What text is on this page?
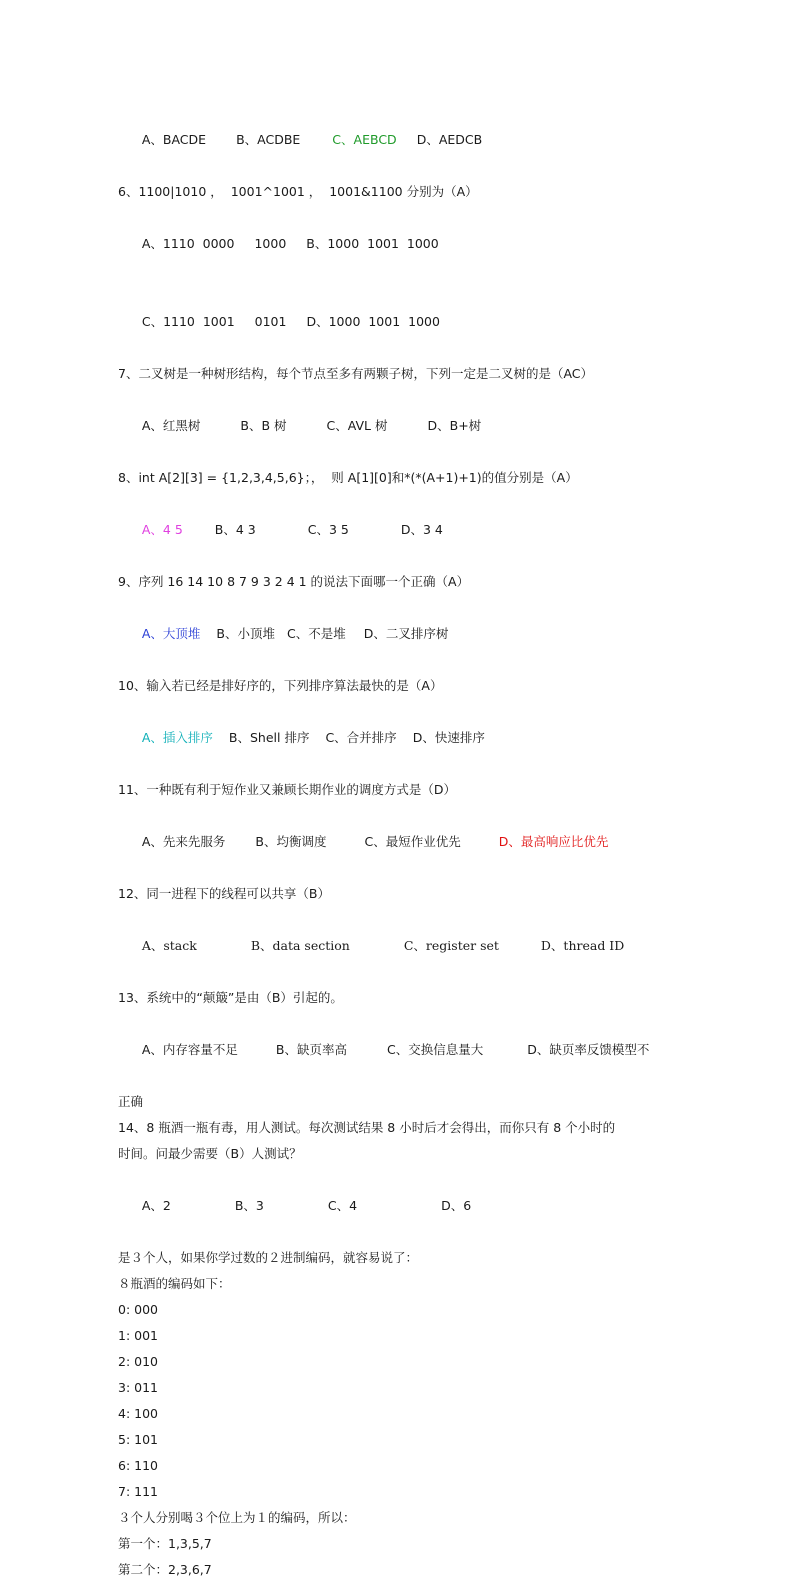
A、BACDE B、ACDBE	C、AEBCD D、AEDCB

6、1100|1010 ，  1001^1001 ，  1001&1100 分别为（A）

A、1110  0000 1000 B、1000  1001  1000

C、1110  1001 0101 D、1000  1001  1000

7、二叉树是一种树形结构，每个节点至多有两颗子树，下列一定是二叉树的是（AC）

A、红黑树	B、B 树	C、AVL 树	D、B+树

8、int A[2][3] = {1,2,3,4,5,6}；，  则 A[1][0]和*(*(A+1)+1)的值分别是（A）

A、4 5	B、4 3	C、3 5	D、3 4

9、序列 16 14 10 8 7 9 3 2 4 1 的说法下面哪一个正确（A）

A、大顶堆 B、小顶堆 C、不是堆 D、二叉排序树

10、输入若已经是排好序的，下列排序算法最快的是（A）

A、插入排序 B、Shell 排序 C、合并排序 D、快速排序

11、一种既有利于短作业又兼顾长期作业的调度方式是（D）

A、先来先服务 B、均衡调度	C、最短作业优先	D、最高响应比优先

12、同一进程下的线程可以共享（B）

A、stack	B、data section	C、register set	D、thread ID

13、系统中的“颠簸”是由（B）引起的。

A、内存容量不足	B、缺页率高	C、交换信息量大	D、缺页率反馈模型不

正确
14、8 瓶酒一瓶有毒，用人测试。每次测试结果 8 小时后才会得出，而你只有 8 个小时的
时间。问最少需要（B）人测试？

A、2	B、3	C、4	D、6

是３个人，如果你学过数的２进制编码，就容易说了：
８瓶酒的编码如下：
0: 000
1: 001
2: 010
3: 011
4: 100
5: 101
6: 110
7: 111
３个人分别喝３个位上为１的编码，所以：
第一个：1,3,5,7
第二个：2,3,6,7
